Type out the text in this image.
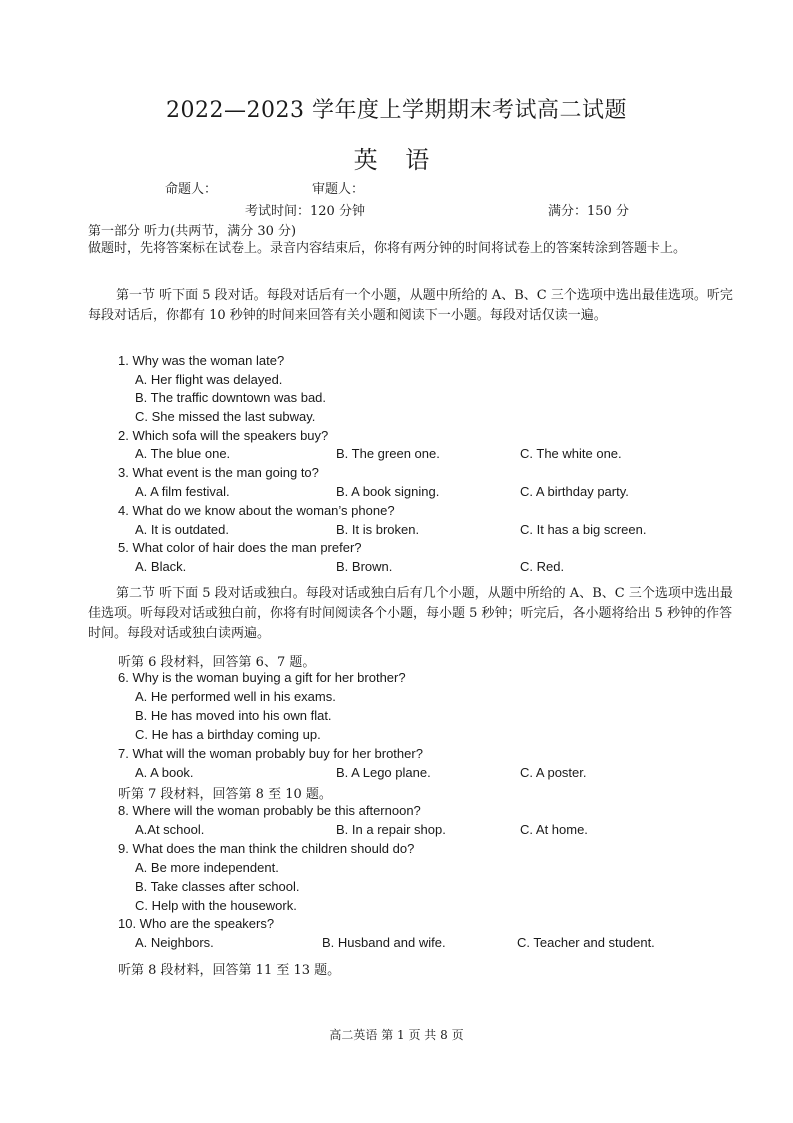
2022—2023 学年度上学期期末考试高二试题
英 语
命题人：	审题人：
考试时间：120 分钟	满分：150 分
第一部分 听力(共两节，满分 30 分)
做题时，先将答案标在试卷上。录音内容结束后，你将有两分钟的时间将试卷上的答案转涂到答题卡上。
第一节 听下面 5 段对话。每段对话后有一个小题，从题中所给的 A、B、C 三个选项中选出最佳选项。听完每段对话后，你都有 10 秒钟的时间来回答有关小题和阅读下一小题。每段对话仅读一遍。
1. Why was the woman late?
A. Her flight was delayed.
B. The traffic downtown was bad.
C. She missed the last subway.
2. Which sofa will the speakers buy?
A. The blue one.	B. The green one.	C. The white one.
3. What event is the man going to?
A. A film festival.	B. A book signing.	C. A birthday party.
4. What do we know about the woman’s phone?
A. It is outdated.	B. It is broken.	C. It has a big screen.
5. What color of hair does the man prefer?
A. Black.	B. Brown.	C. Red.
第二节 听下面 5 段对话或独白。每段对话或独白后有几个小题，从题中所给的 A、B、C 三个选项中选出最佳选项。听每段对话或独白前，你将有时间阅读各个小题，每小题 5 秒钟；听完后，各小题将给出 5 秒钟的作答时间。每段对话或独白读两遍。
听第 6 段材料，回答第 6、7 题。
6. Why is the woman buying a gift for her brother?
A. He performed well in his exams.
B. He has moved into his own flat.
C. He has a birthday coming up.
7. What will the woman probably buy for her brother?
A. A book.	B. A Lego plane.	C. A poster.
听第 7 段材料，回答第 8 至 10 题。
8. Where will the woman probably be this afternoon?
A.At school.	B. In a repair shop.	C. At home.
9. What does the man think the children should do?
A. Be more independent.
B. Take classes after school.
C. Help with the housework.
10. Who are the speakers?
A. Neighbors.	B. Husband and wife.	C. Teacher and student.
听第 8 段材料，回答第 11 至 13 题。
高二英语 第 1 页 共 8 页
